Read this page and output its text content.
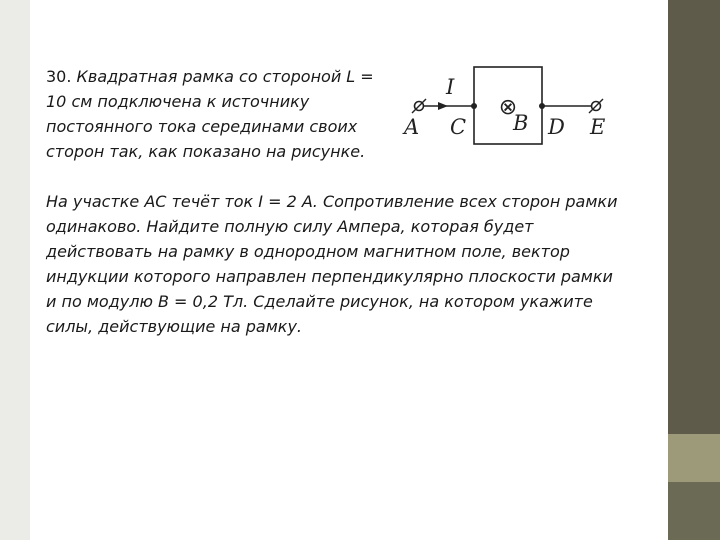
30. Квадратная рамка со стороной L = 10 см подключена к источнику постоянного тока серединами своих сторон так, как показано на рисунке.

На участке АС течёт ток I = 2 А. Сопротивление всех сторон рамки одинаково. Найдите полную силу Ампера, которая будет действовать на рамку в однородном магнитном поле, вектор индукции которого направлен перпендикулярно плоскости рамки и по модулю В = 0,2 Тл. Сделайте рисунок, на котором укажите силы, действующие на рамку.

⊗
I
A C B D E
